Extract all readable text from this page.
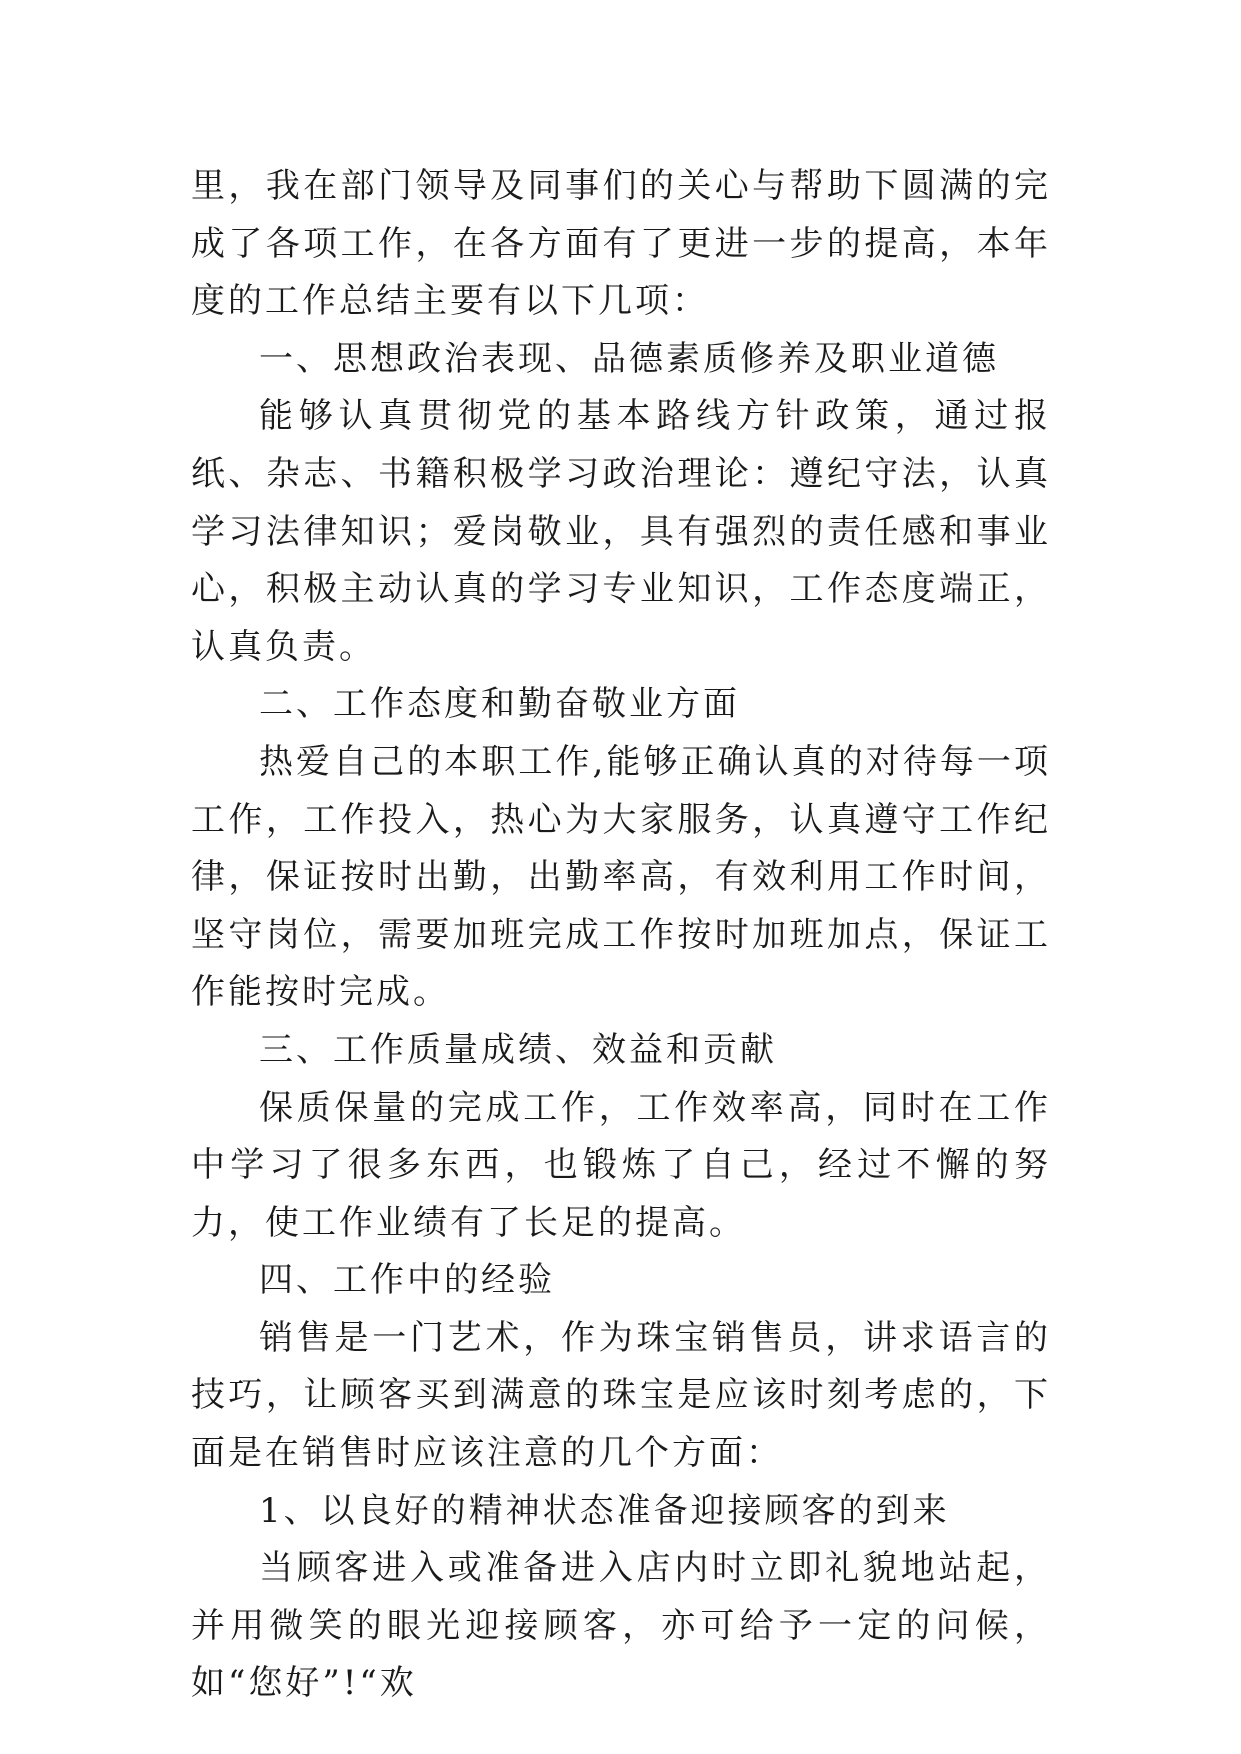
里，我在部门领导及同事们的关心与帮助下圆满的完成了各项工作，在各方面有了更进一步的提高，本年度的工作总结主要有以下几项：

一、思想政治表现、品德素质修养及职业道德

能够认真贯彻党的基本路线方针政策，通过报纸、杂志、书籍积极学习政治理论：遵纪守法，认真学习法律知识；爱岗敬业，具有强烈的责任感和事业心，积极主动认真的学习专业知识，工作态度端正，认真负责。

二、工作态度和勤奋敬业方面

热爱自己的本职工作,能够正确认真的对待每一项工作，工作投入，热心为大家服务，认真遵守工作纪律，保证按时出勤，出勤率高，有效利用工作时间，坚守岗位，需要加班完成工作按时加班加点，保证工作能按时完成。

三、工作质量成绩、效益和贡献

保质保量的完成工作，工作效率高，同时在工作中学习了很多东西，也锻炼了自己，经过不懈的努力，使工作业绩有了长足的提高。

四、工作中的经验

销售是一门艺术，作为珠宝销售员，讲求语言的技巧，让顾客买到满意的珠宝是应该时刻考虑的，下面是在销售时应该注意的几个方面：

1、以良好的精神状态准备迎接顾客的到来

当顾客进入或准备进入店内时立即礼貌地站起，并用微笑的眼光迎接顾客，亦可给予一定的问候，如“您好”!“欢
